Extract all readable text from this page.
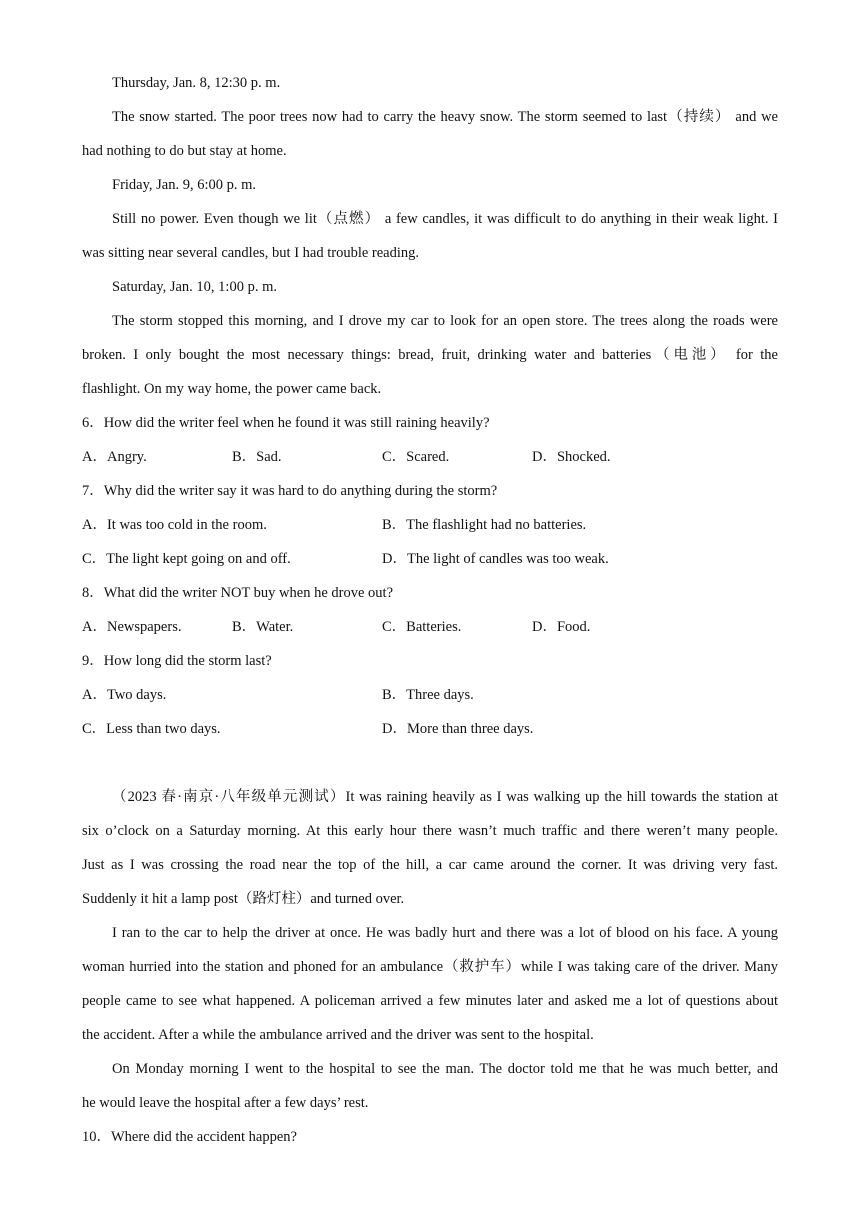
Thursday, Jan. 8, 12:30 p. m.
The snow started. The poor trees now had to carry the heavy snow. The storm seemed to last（持续） and we
had nothing to do but stay at home.
Friday, Jan. 9, 6:00 p. m.
Still no power. Even though we lit（点燃） a few candles, it was difficult to do anything in their weak light. I
was sitting near several candles, but I had trouble reading.
Saturday, Jan. 10, 1:00 p. m.
The storm stopped this morning, and I drove my car to look for an open store. The trees along the roads were
broken. I only bought the most necessary things: bread, fruit, drinking water and batteries（电池） for the
flashlight. On my way home, the power came back.
6．How did the writer feel when he found it was still raining heavily?
A．Angry.	B．Sad.	C．Scared.	D．Shocked.
7．Why did the writer say it was hard to do anything during the storm?
A．It was too cold in the room.	B．The flashlight had no batteries.
C．The light kept going on and off.	D．The light of candles was too weak.
8．What did the writer NOT buy when he drove out?
A．Newspapers.	B．Water.	C．Batteries.	D．Food.
9．How long did the storm last?
A．Two days.	B．Three days.
C．Less than two days.	D．More than three days.
（2023 春·南京·八年级单元测试）It was raining heavily as I was walking up the hill towards the station at
six o’clock on a Saturday morning. At this early hour there wasn’t much traffic and there weren’t many people.
Just as I was crossing the road near the top of the hill, a car came around the corner. It was driving very fast.
Suddenly it hit a lamp post（路灯柱）and turned over.
I ran to the car to help the driver at once. He was badly hurt and there was a lot of blood on his face. A young
woman hurried into the station and phoned for an ambulance（救护车）while I was taking care of the driver. Many
people came to see what happened. A policeman arrived a few minutes later and asked me a lot of questions about
the accident. After a while the ambulance arrived and the driver was sent to the hospital.
On Monday morning I went to the hospital to see the man. The doctor told me that he was much better, and
he would leave the hospital after a few days’ rest.
10．Where did the accident happen?
